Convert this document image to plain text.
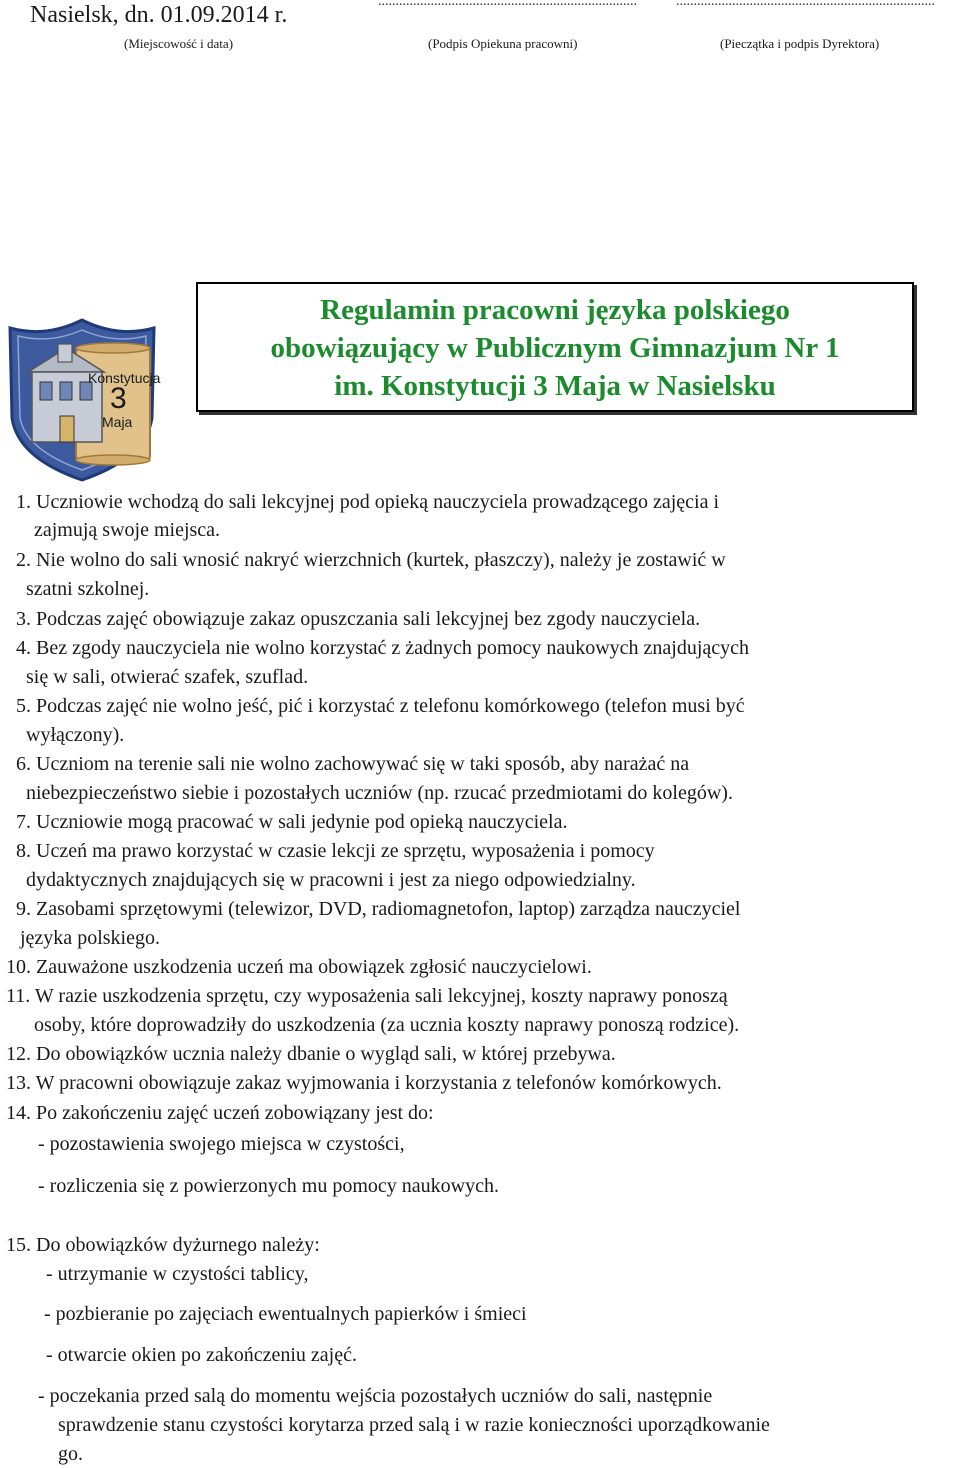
Nasielsk, dn. 01.09.2014 r.
..........................................................................	..........................................................................
(Miejscowość i data)	(Podpis Opiekuna pracowni)	(Pieczątka i podpis Dyrektora)
Konstytucja
3
Maja
Regulamin pracowni języka polskiego
obowiązujący w Publicznym Gimnazjum Nr 1
im. Konstytucji 3 Maja w Nasielsku
1. Uczniowie wchodzą do sali lekcyjnej pod opieką nauczyciela prowadzącego zajęcia i
zajmują swoje miejsca.
2. Nie wolno do sali wnosić nakryć wierzchnich (kurtek, płaszczy), należy je zostawić w
szatni szkolnej.
3. Podczas zajęć obowiązuje zakaz opuszczania sali lekcyjnej bez zgody nauczyciela.
4. Bez zgody nauczyciela nie wolno korzystać z żadnych pomocy naukowych znajdujących
się w sali, otwierać szafek, szuflad.
5. Podczas zajęć nie wolno jeść, pić i korzystać z telefonu komórkowego (telefon musi być
wyłączony).
6. Uczniom na terenie sali nie wolno zachowywać się w taki sposób, aby narażać na
niebezpieczeństwo siebie i pozostałych uczniów (np. rzucać przedmiotami do kolegów).
7. Uczniowie mogą pracować w sali jedynie pod opieką nauczyciela.
8. Uczeń ma prawo korzystać w czasie lekcji ze sprzętu, wyposażenia i pomocy
dydaktycznych znajdujących się w pracowni i jest za niego odpowiedzialny.
9. Zasobami sprzętowymi (telewizor, DVD, radiomagnetofon, laptop) zarządza nauczyciel
języka polskiego.
10. Zauważone uszkodzenia uczeń ma obowiązek zgłosić nauczycielowi.
11. W razie uszkodzenia sprzętu, czy wyposażenia sali lekcyjnej, koszty naprawy ponoszą
osoby, które doprowadziły do uszkodzenia (za ucznia koszty naprawy ponoszą rodzice).
12. Do obowiązków ucznia należy dbanie o wygląd sali, w której przebywa.
13. W pracowni obowiązuje zakaz wyjmowania i korzystania z telefonów komórkowych.
14. Po zakończeniu zajęć uczeń zobowiązany jest do:
- pozostawienia swojego miejsca w czystości,
- rozliczenia się z powierzonych mu pomocy naukowych.
15. Do obowiązków dyżurnego należy:
- utrzymanie w czystości tablicy,
- pozbieranie po zajęciach ewentualnych papierków i śmieci
- otwarcie okien po zakończeniu zajęć.
- poczekania przed salą do momentu wejścia pozostałych uczniów do sali, następnie
sprawdzenie stanu czystości korytarza przed salą i w razie konieczności uporządkowanie
go.
